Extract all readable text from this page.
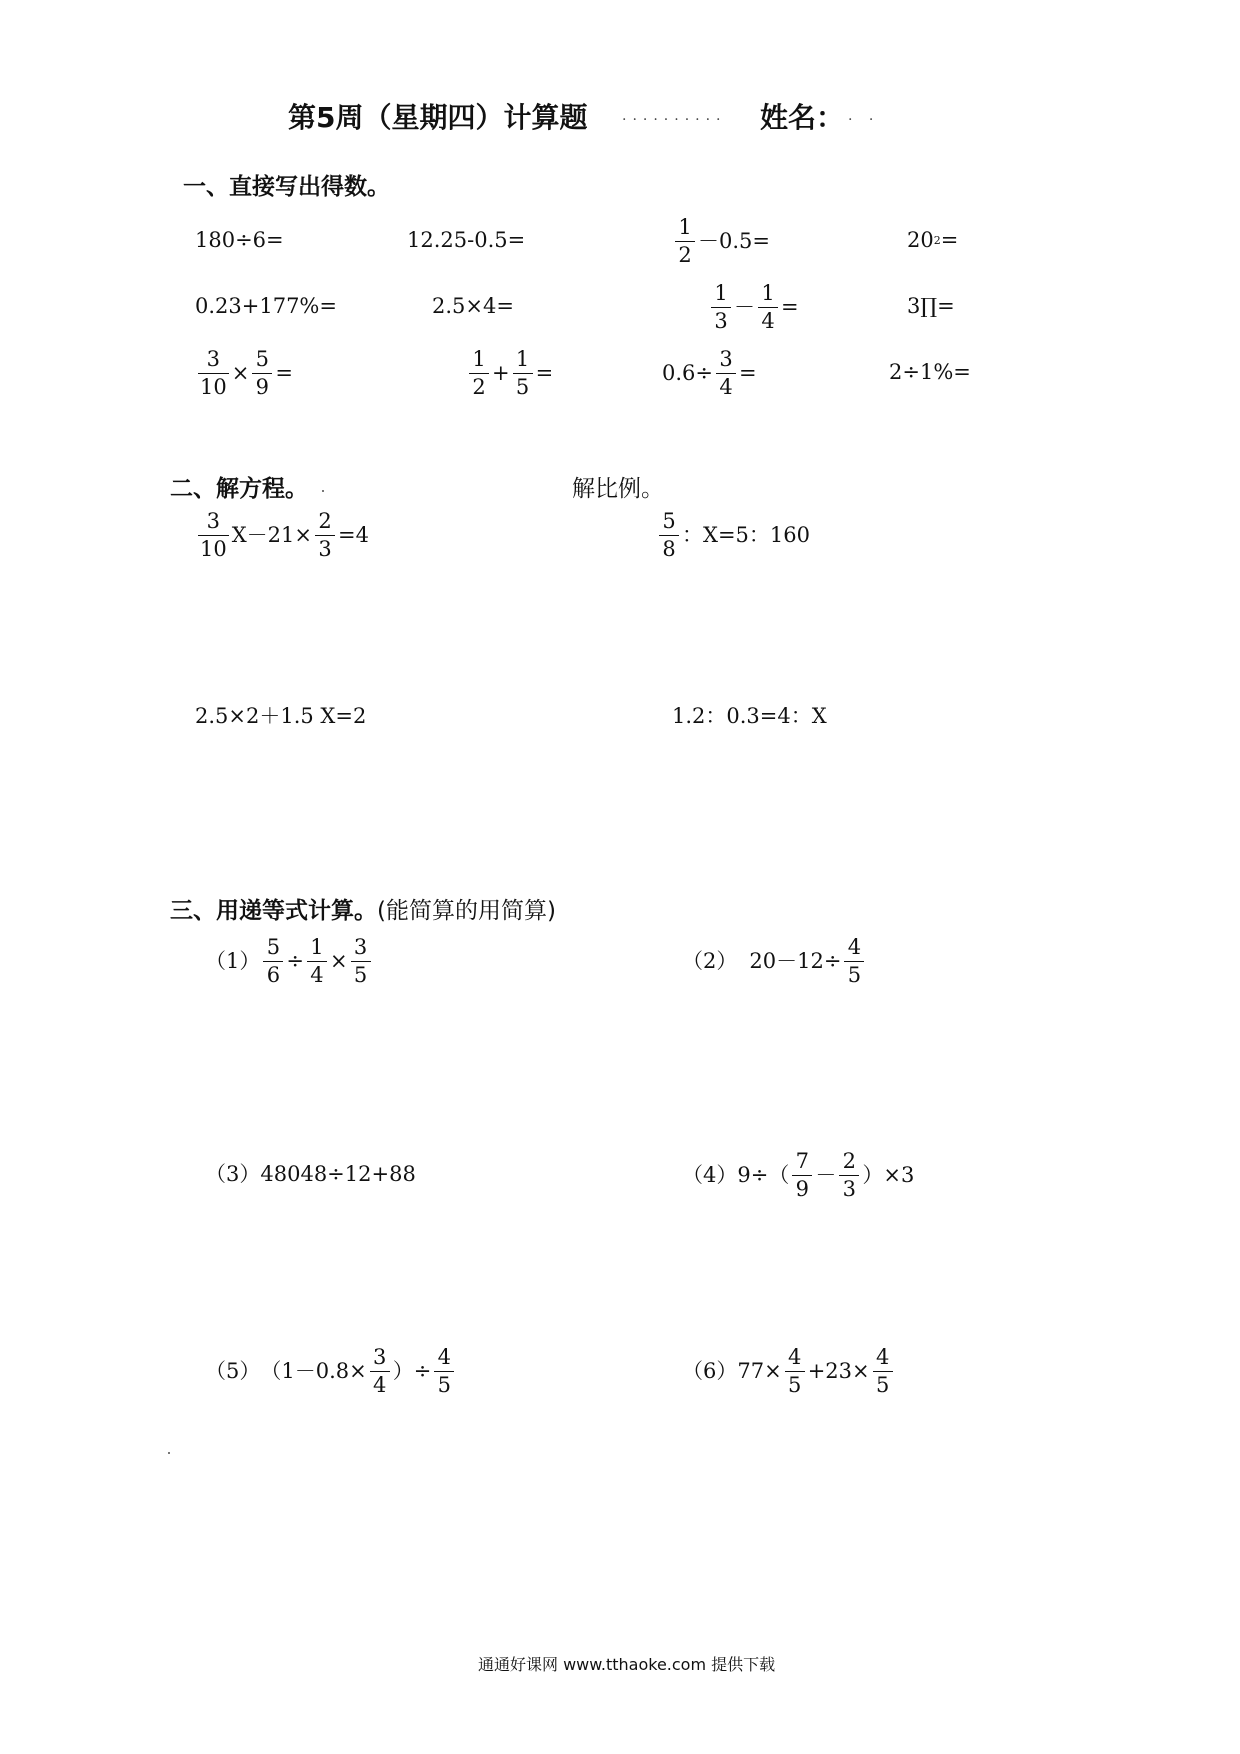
第5周（星期四）计算题 .......... 姓名： . .
一、直接写出得数。
180÷6=	12.25-0.5=	$\frac{1}{2} -0.5=$	20 2 =
0.23+177%=	2.5×4=	$\frac{1}{3} - \frac{1}{4}$ =	3∏=
$\frac{3}{10} \times \frac{5}{9}$ =	$\frac{1}{2} + \frac{1}{5}$ =	$0.6\div \frac{3}{4}$ =	2÷1%=
二、解方程。	解比例。
$\frac{3}{10} X-21\times \frac{2}{3} =4$	$\frac{5}{8}$ ：X=5：160
2.5×2＋1.5 X=2	1.2：0.3=4：X
三、用递等式计算。(能简算的用简算)
$(1) \frac{5}{6} \div \frac{1}{4} \times \frac{3}{5}$	（2） $20-12\div \frac{4}{5}$
（3） 48048÷12+88	（4） $9\div( \frac{7}{9} - \frac{2}{3} )\times 3$
（5） （$1-0.8\times \frac{3}{4}$ ）÷ $\frac{4}{5}$	（6） $77\times \frac{4}{5} +23\times \frac{4}{5}$
通通好课网 www.tthaoke.com 提供下载
